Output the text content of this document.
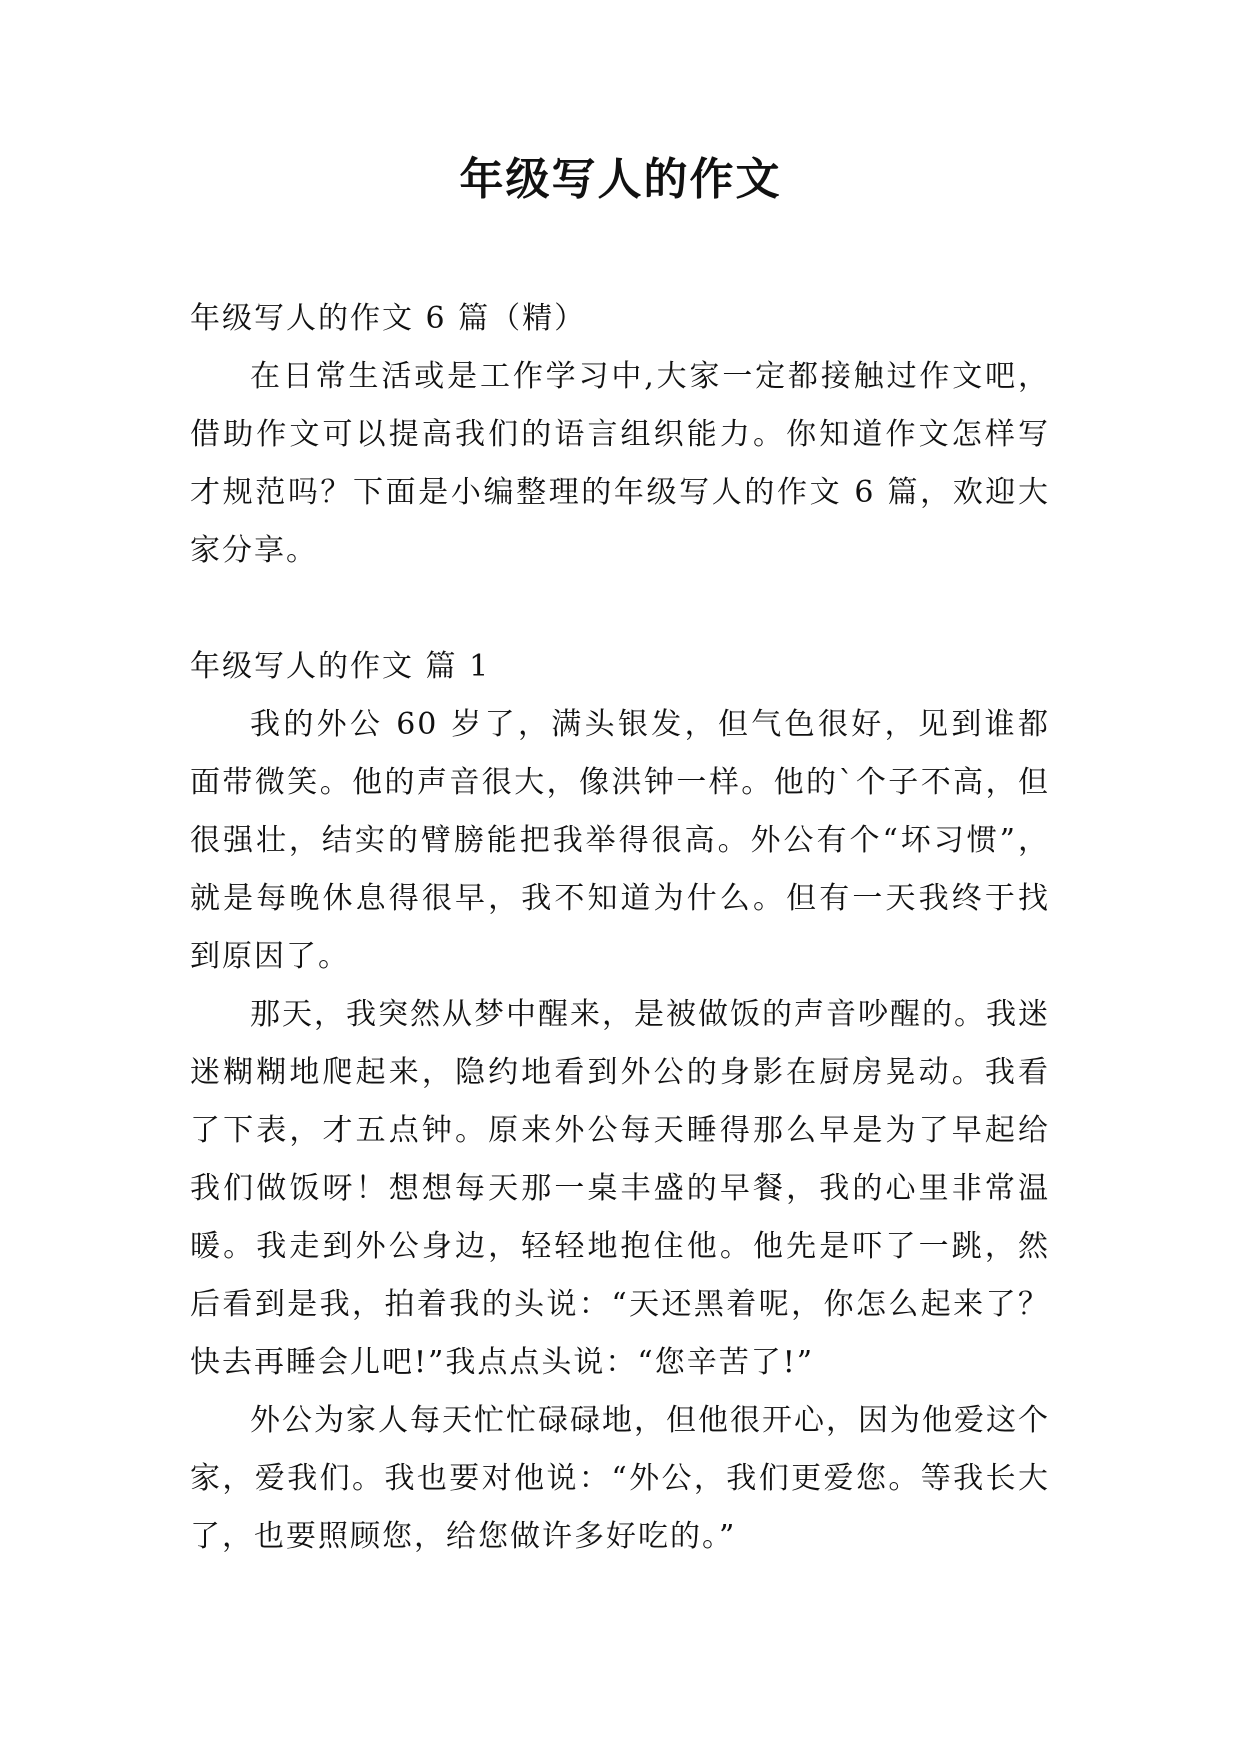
年级写人的作文

年级写人的作文 6 篇（精）

在日常生活或是工作学习中,大家一定都接触过作文吧，借助作文可以提高我们的语言组织能力。你知道作文怎样写才规范吗？下面是小编整理的年级写人的作文 6 篇，欢迎大家分享。

年级写人的作文 篇 1

我的外公 60 岁了，满头银发，但气色很好，见到谁都面带微笑。他的声音很大，像洪钟一样。他的`个子不高，但很强壮，结实的臂膀能把我举得很高。外公有个“坏习惯”，就是每晚休息得很早，我不知道为什么。但有一天我终于找到原因了。

那天，我突然从梦中醒来，是被做饭的声音吵醒的。我迷迷糊糊地爬起来，隐约地看到外公的身影在厨房晃动。我看了下表，才五点钟。原来外公每天睡得那么早是为了早起给我们做饭呀！想想每天那一桌丰盛的早餐，我的心里非常温暖。我走到外公身边，轻轻地抱住他。他先是吓了一跳，然后看到是我，拍着我的头说：“天还黑着呢，你怎么起来了？快去再睡会儿吧!”我点点头说：“您辛苦了!”

外公为家人每天忙忙碌碌地，但他很开心，因为他爱这个家，爱我们。我也要对他说：“外公，我们更爱您。等我长大了，也要照顾您，给您做许多好吃的。”
